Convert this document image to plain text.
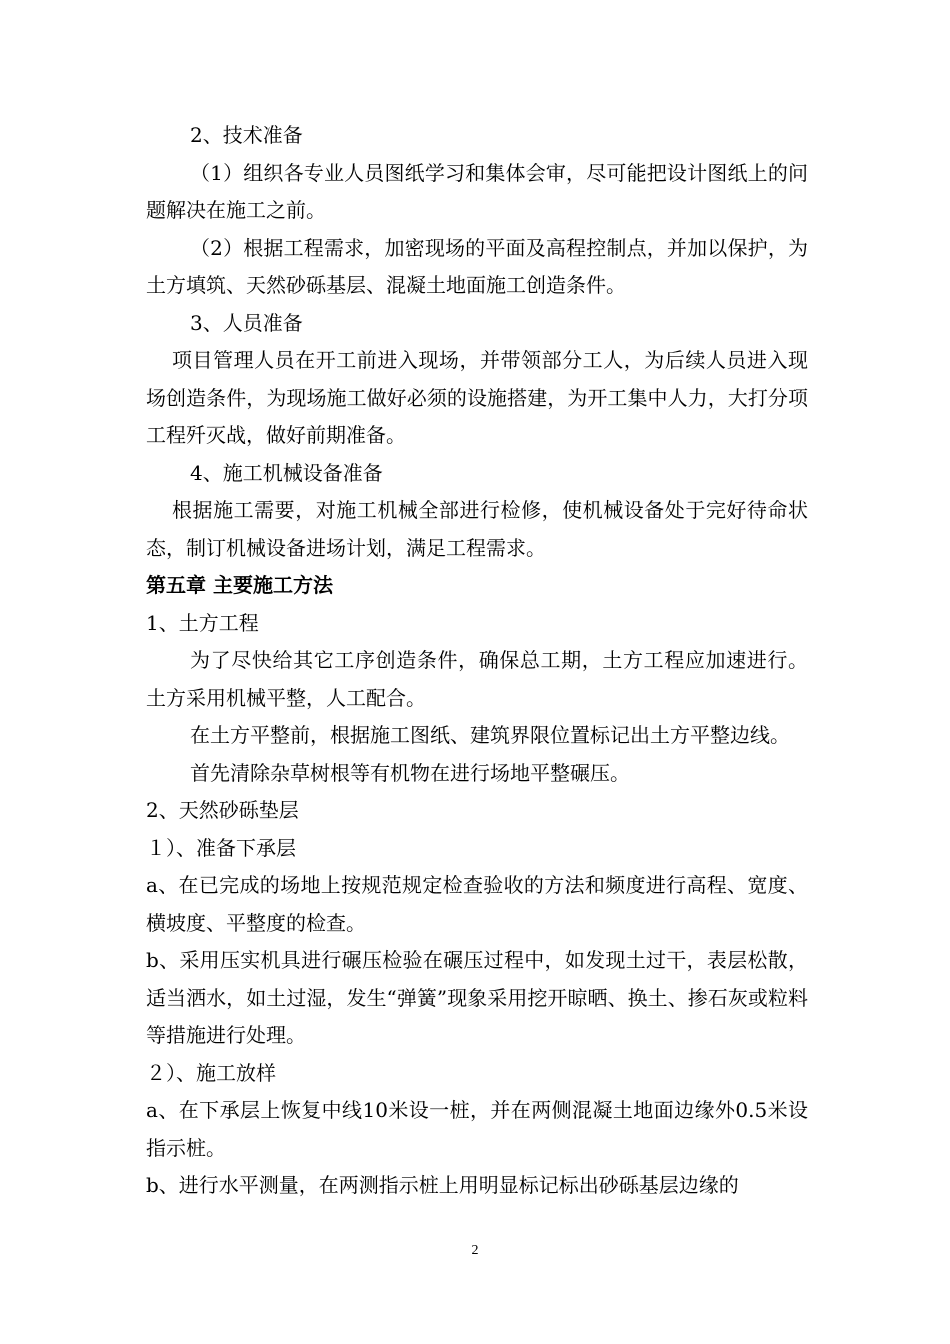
2、技术准备

（1）组织各专业人员图纸学习和集体会审，尽可能把设计图纸上的问题解决在施工之前。

（2）根据工程需求，加密现场的平面及高程控制点，并加以保护，为土方填筑、天然砂砾基层、混凝土地面施工创造条件。

3、人员准备

项目管理人员在开工前进入现场，并带领部分工人，为后续人员进入现场创造条件，为现场施工做好必须的设施搭建，为开工集中人力，大打分项工程歼灭战，做好前期准备。

4、施工机械设备准备

根据施工需要，对施工机械全部进行检修，使机械设备处于完好待命状态，制订机械设备进场计划，满足工程需求。

第五章 主要施工方法

1、土方工程

为了尽快给其它工序创造条件，确保总工期，土方工程应加速进行。土方采用机械平整，人工配合。

在土方平整前，根据施工图纸、建筑界限位置标记出土方平整边线。

首先清除杂草树根等有机物在进行场地平整碾压。

2、天然砂砾垫层

１）、准备下承层

a、在已完成的场地上按规范规定检查验收的方法和频度进行高程、宽度、横坡度、平整度的检查。

b、采用压实机具进行碾压检验在碾压过程中，如发现土过干，表层松散，适当洒水，如土过湿，发生“弹簧”现象采用挖开晾晒、换土、掺石灰或粒料等措施进行处理。

２）、施工放样

a、在下承层上恢复中线10米设一桩，并在两侧混凝土地面边缘外0.5米设指示桩。

b、进行水平测量，在两测指示桩上用明显标记标出砂砾基层边缘的

2
